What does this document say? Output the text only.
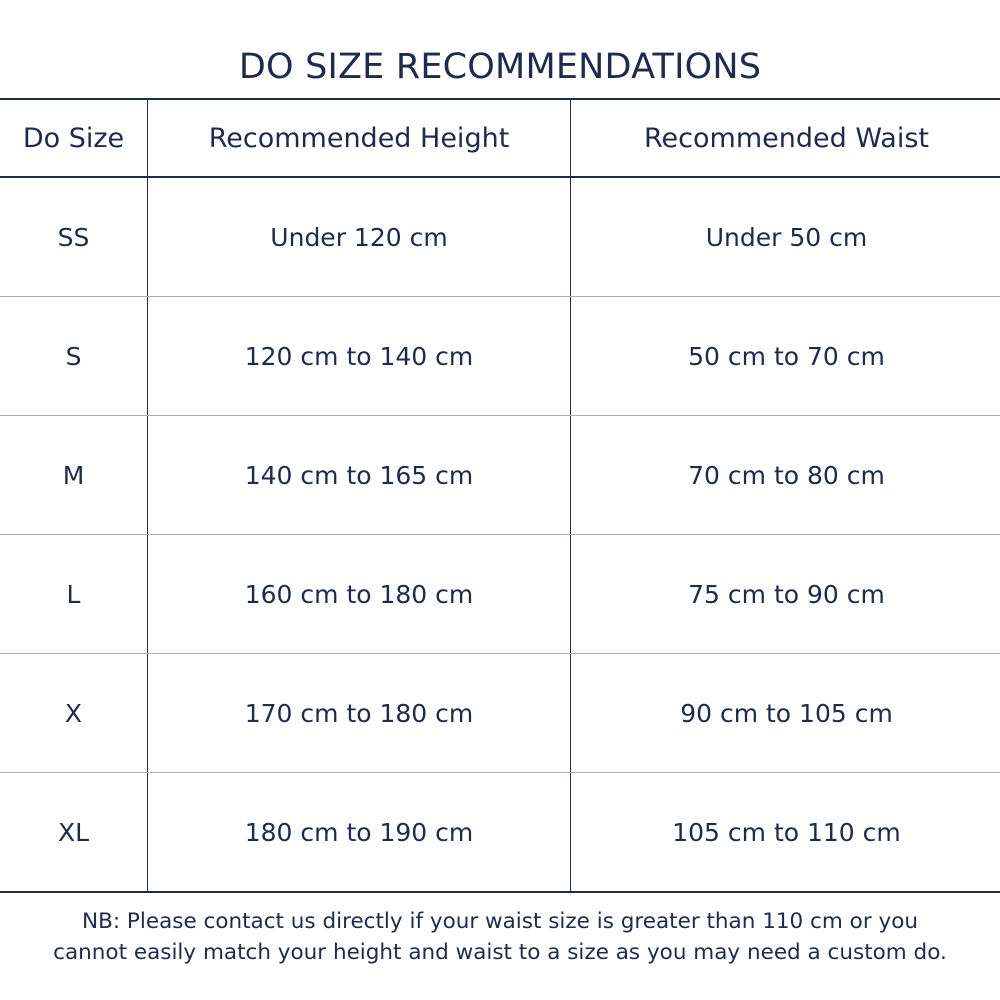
DO SIZE RECOMMENDATIONS
Do Size	Recommended Height	Recommended Waist
SS	Under 120 cm	Under 50 cm
S	120 cm to 140 cm	50 cm to 70 cm
M	140 cm to 165 cm	70 cm to 80 cm
L	160 cm to 180 cm	75 cm to 90 cm
X	170 cm to 180 cm	90 cm to 105 cm
XL	180 cm to 190 cm	105 cm to 110 cm

NB: Please contact us directly if your waist size is greater than 110 cm or you
cannot easily match your height and waist to a size as you may need a custom do.
